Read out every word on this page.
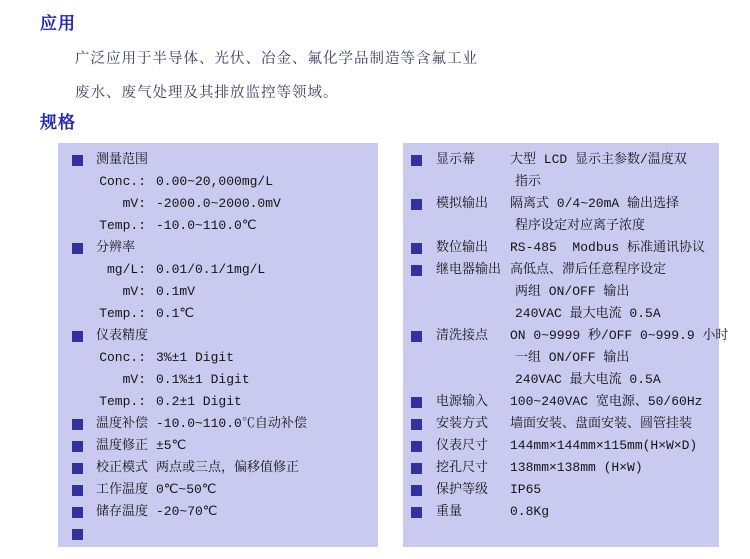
应用

广泛应用于半导体、光伏、冶金、氟化学品制造等含氟工业

废水、废气处理及其排放监控等领域。

规格
测量范围
Conc.: 0.00~20,000mg/L
mV: -2000.0~2000.0mV
Temp.: -10.0~110.0℃
分辨率
mg/L: 0.01/0.1/1mg/L
mV: 0.1mV
Temp.: 0.1℃
仪表精度
Conc.: 3%±1 Digit
mV: 0.1%±1 Digit
Temp.: 0.2±1 Digit
温度补偿 -10.0~110.0℃自动补偿
温度修正 ±5℃
校正模式 两点或三点，偏移值修正
工作温度 0℃~50℃
储存温度 -20~70℃
显示幕	大型 LCD 显示主参数/温度双
指示
模拟输出	隔离式 0/4~20mA 输出选择
程序设定对应离子浓度
数位输出	RS-485  Modbus 标准通讯协议
继电器输出 高低点、滞后任意程序设定
两组 ON/OFF 输出
240VAC 最大电流 0.5A
清洗接点	ON 0~9999 秒/OFF 0~999.9 小时
一组 ON/OFF 输出
240VAC 最大电流 0.5A
电源输入	100~240VAC 宽电源、50/60Hz
安装方式	墙面安装、盘面安装、圆管挂装
仪表尺寸	144mm×144mm×115mm(H×W×D)
挖孔尺寸	138mm×138mm (H×W)
保护等级	IP65
重量	0.8Kg
